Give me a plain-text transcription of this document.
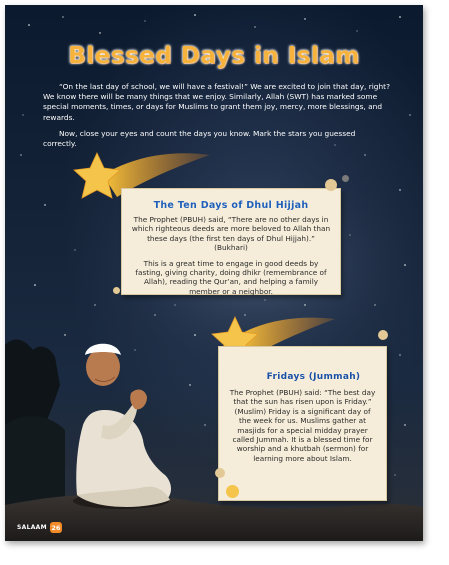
Blessed Days in Islam

“On the last day of school, we will have a festival!” We are excited to join that day, right? We know there will be many things that we enjoy. Similarly, Allah (SWT) has marked some special moments, times, or days for Muslims to grant them joy, mercy, more blessings, and rewards.

Now, close your eyes and count the days you know. Mark the stars you guessed correctly.

The Ten Days of Dhul Hijjah

The Prophet (PBUH) said, “There are no other days in which righteous deeds are more beloved to Allah than these days (the first ten days of Dhul Hijjah).” (Bukhari)

This is a great time to engage in good deeds by fasting, giving charity, doing dhikr (remembrance of Allah), reading the Qur’an, and helping a family member or a neighbor.

Fridays (Jummah)

The Prophet (PBUH) said: “The best day that the sun has risen upon is Friday.” (Muslim) Friday is a significant day of the week for us. Muslims gather at masjids for a special midday prayer called Jummah. It is a blessed time for worship and a khutbah (sermon) for learning more about Islam.

SALAAM 26
